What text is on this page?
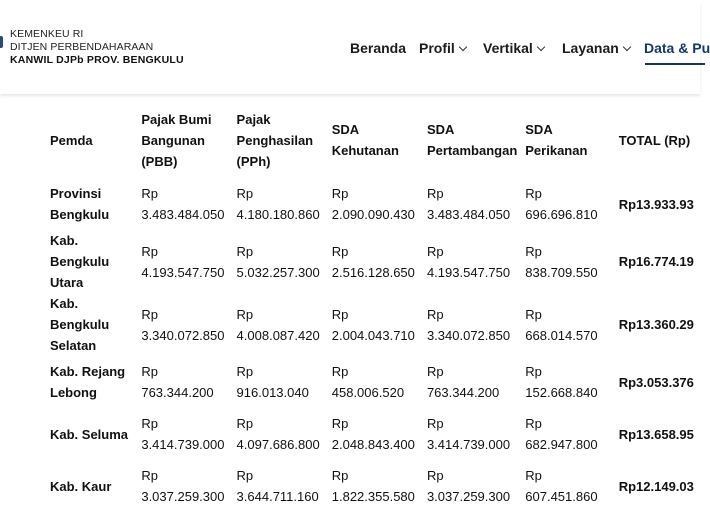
KEMENKEU RI
DITJEN PERBENDAHARAAN
KANWIL DJPb PROV. BENGKULU
Beranda Profil	Vertikal	Layanan	Data & Pu
Pemda	Pajak Bumi Bangunan (PBB)	Pajak Penghasilan (PPh)	SDA Kehutanan	SDA Pertambangan	SDA Perikanan	TOTAL (Rp)
Provinsi Bengkulu	Rp 3.483.484.050	Rp 4.180.180.860	Rp 2.090.090.430	Rp 3.483.484.050	Rp 696.696.810	Rp13.933.93
Kab. Bengkulu Utara	Rp 4.193.547.750	Rp 5.032.257.300	Rp 2.516.128.650	Rp 4.193.547.750	Rp 838.709.550	Rp16.774.19
Kab. Bengkulu Selatan	Rp 3.340.072.850	Rp 4.008.087.420	Rp 2.004.043.710	Rp 3.340.072.850	Rp 668.014.570	Rp13.360.29
Kab. Rejang Lebong	Rp 763.344.200	Rp 916.013.040	Rp 458.006.520	Rp 763.344.200	Rp 152.668.840	Rp3.053.376
Kab. Seluma	Rp 3.414.739.000	Rp 4.097.686.800	Rp 2.048.843.400	Rp 3.414.739.000	Rp 682.947.800	Rp13.658.95
Kab. Kaur	Rp 3.037.259.300	Rp 3.644.711.160	Rp 1.822.355.580	Rp 3.037.259.300	Rp 607.451.860	Rp12.149.03
